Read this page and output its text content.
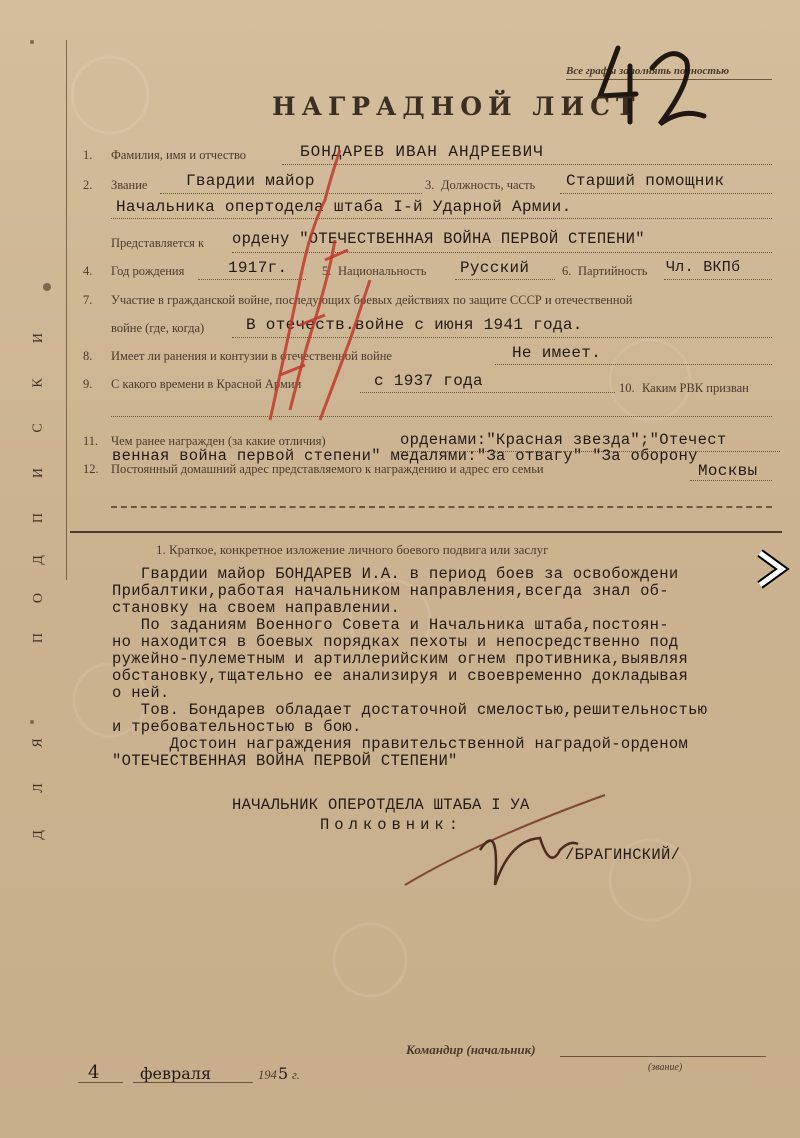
И
К
С
И
П
Д
О
П
Я
Л
Д
Все графы заполнять полностью
НАГРАДНОЙ ЛИСТ
1. Фамилия, имя и отчество	БОНДАРЕВ ИВАН АНДРЕЕВИЧ
2. Звание Гвардии майор	3. Должность, часть Старший помощник
Начальника опертодела штаба I-й Ударной Армии.
Представляется к ордену "ОТЕЧЕСТВЕННАЯ ВОЙНА ПЕРВОЙ СТЕПЕНИ"
4. Год рождения	1917г.	5. Национальность Русский	6. Партийность Чл. ВКПб
7. Участие в гражданской войне, последующих боевых действиях по защите СССР и отечественной
войне (где, когда)	В отечеств.войне с июня 1941 года.
8. Имеет ли ранения и контузии в отечественной войне	Не имеет.
9. С какого времени в Красной Армии	с 1937 года	10. Каким РВК призван
11. Чем ранее награжден (за какие отличия)	орденами:"Красная звезда";"Отечест
венная война первой степени" медалями:"За отвагу" "За оборону
12. Постоянный домашний адрес представляемого к награждению и адрес его семьи	Москвы
1. Краткое, конкретное изложение личного боевого подвига или заслуг
Гвардии майор БОНДАРЕВ И.А. в период боев за освобождени
Прибалтики,работая начальником направления,всегда знал об-
становку на своем направлении.
По заданиям Военного Совета и Начальника штаба,постоян-
но находится в боевых порядках пехоты и непосредственно под
ружейно-пулеметным и артиллерийским огнем противника,выявляя
обстановку,тщательно ее анализируя и своевременно докладывая
о ней.
Тов. Бондарев обладает достаточной смелостью,решительностью
и требовательностью в бою.
Достоин награждения правительственной наградой-орденом
"ОТЕЧЕСТВЕННАЯ ВОЙНА ПЕРВОЙ СТЕПЕНИ"
НАЧАЛЬНИК ОПЕРОТДЕЛА ШТАБА I УА
Полковник:
/БРАГИНСКИЙ/
Командир (начальник)
(звание)
4	февраля	194 5 г.
